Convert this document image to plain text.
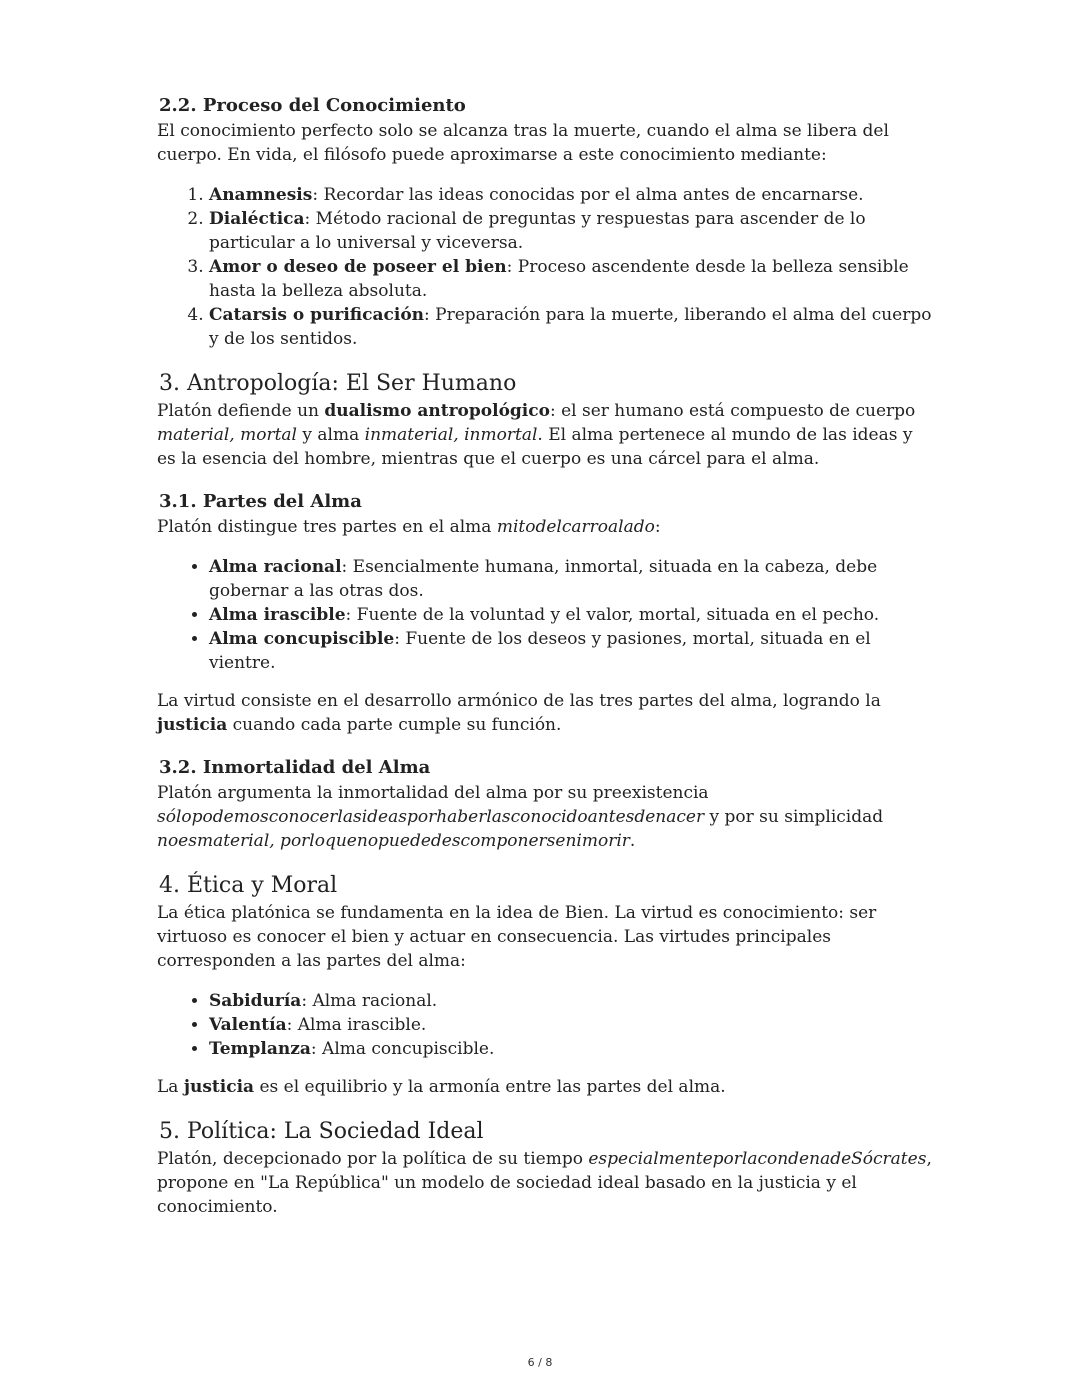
2.2. Proceso del Conocimiento

El conocimiento perfecto solo se alcanza tras la muerte, cuando el alma se libera del cuerpo. En vida, el filósofo puede aproximarse a este conocimiento mediante:

1. Anamnesis: Recordar las ideas conocidas por el alma antes de encarnarse.
2. Dialéctica: Método racional de preguntas y respuestas para ascender de lo particular a lo universal y viceversa.
3. Amor o deseo de poseer el bien: Proceso ascendente desde la belleza sensible hasta la belleza absoluta.
4. Catarsis o purificación: Preparación para la muerte, liberando el alma del cuerpo y de los sentidos.
3. Antropología: El Ser Humano

Platón defiende un dualismo antropológico: el ser humano está compuesto de cuerpo material, mortal y alma inmaterial, inmortal. El alma pertenece al mundo de las ideas y es la esencia del hombre, mientras que el cuerpo es una cárcel para el alma.

3.1. Partes del Alma

Platón distingue tres partes en el alma mitodelcarroalado:

• Alma racional: Esencialmente humana, inmortal, situada en la cabeza, debe gobernar a las otras dos.
• Alma irascible: Fuente de la voluntad y el valor, mortal, situada en el pecho.
• Alma concupiscible: Fuente de los deseos y pasiones, mortal, situada en el vientre.

La virtud consiste en el desarrollo armónico de las tres partes del alma, logrando la justicia cuando cada parte cumple su función.

3.2. Inmortalidad del Alma

Platón argumenta la inmortalidad del alma por su preexistencia sólopodemosconocerlasideasporhaberlasconocidoantesdenacer y por su simplicidad noesmaterial, porloquenopuededescomponersenimorir.

4. Ética y Moral

La ética platónica se fundamenta en la idea de Bien. La virtud es conocimiento: ser virtuoso es conocer el bien y actuar en consecuencia. Las virtudes principales corresponden a las partes del alma:

• Sabiduría: Alma racional.
• Valentía: Alma irascible.
• Templanza: Alma concupiscible.

La justicia es el equilibrio y la armonía entre las partes del alma.

5. Política: La Sociedad Ideal

Platón, decepcionado por la política de su tiempo especialmenteporlacondenadeSócrates, propone en "La República" un modelo de sociedad ideal basado en la justicia y el conocimiento.

6 / 8
